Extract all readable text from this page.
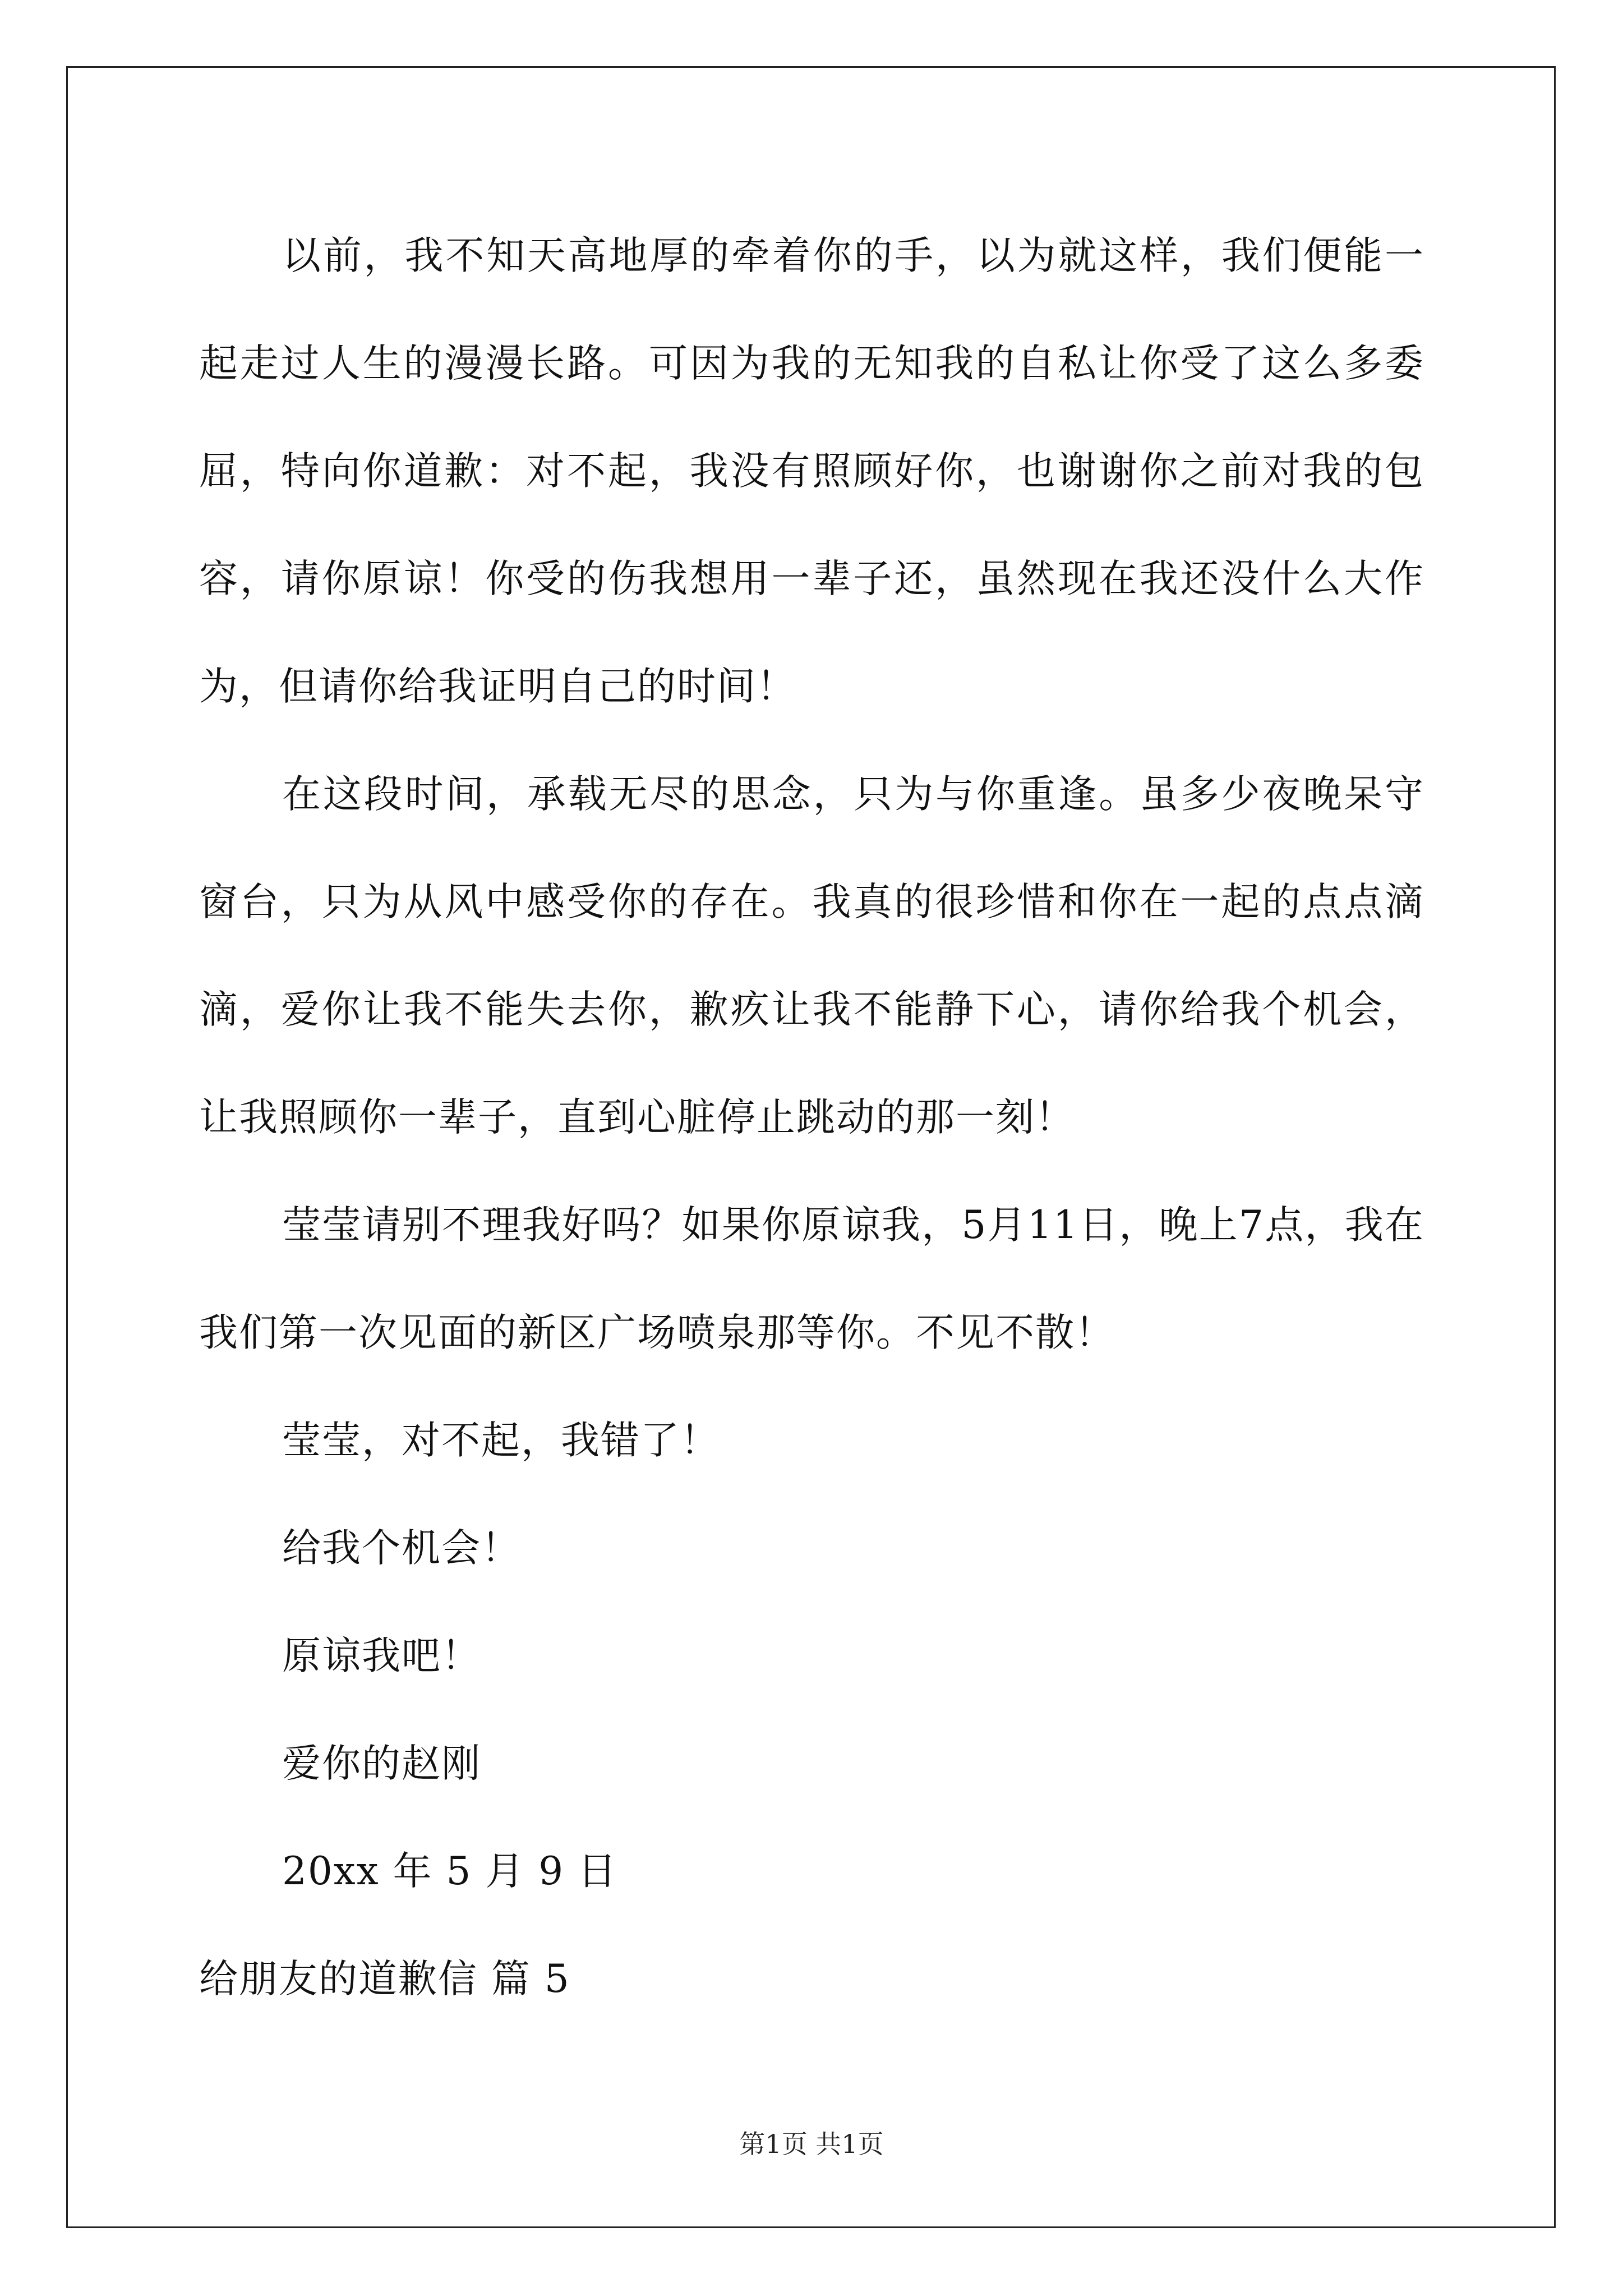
以前，我不知天高地厚的牵着你的手，以为就这样，我们便能一起走过人生的漫漫长路。可因为我的无知我的自私让你受了这么多委屈，特向你道歉：对不起，我没有照顾好你，也谢谢你之前对我的包容，请你原谅！你受的伤我想用一辈子还，虽然现在我还没什么大作为，但请你给我证明自己的时间！

在这段时间，承载无尽的思念，只为与你重逢。虽多少夜晚呆守窗台，只为从风中感受你的存在。我真的很珍惜和你在一起的点点滴滴，爱你让我不能失去你，歉疚让我不能静下心，请你给我个机会，让我照顾你一辈子，直到心脏停止跳动的那一刻！

莹莹请别不理我好吗？如果你原谅我，5月11日，晚上7点，我在我们第一次见面的新区广场喷泉那等你。不见不散！

莹莹，对不起，我错了！

给我个机会！

原谅我吧！

爱你的赵刚

20xx 年 5 月 9 日

给朋友的道歉信 篇 5

第1页 共1页
